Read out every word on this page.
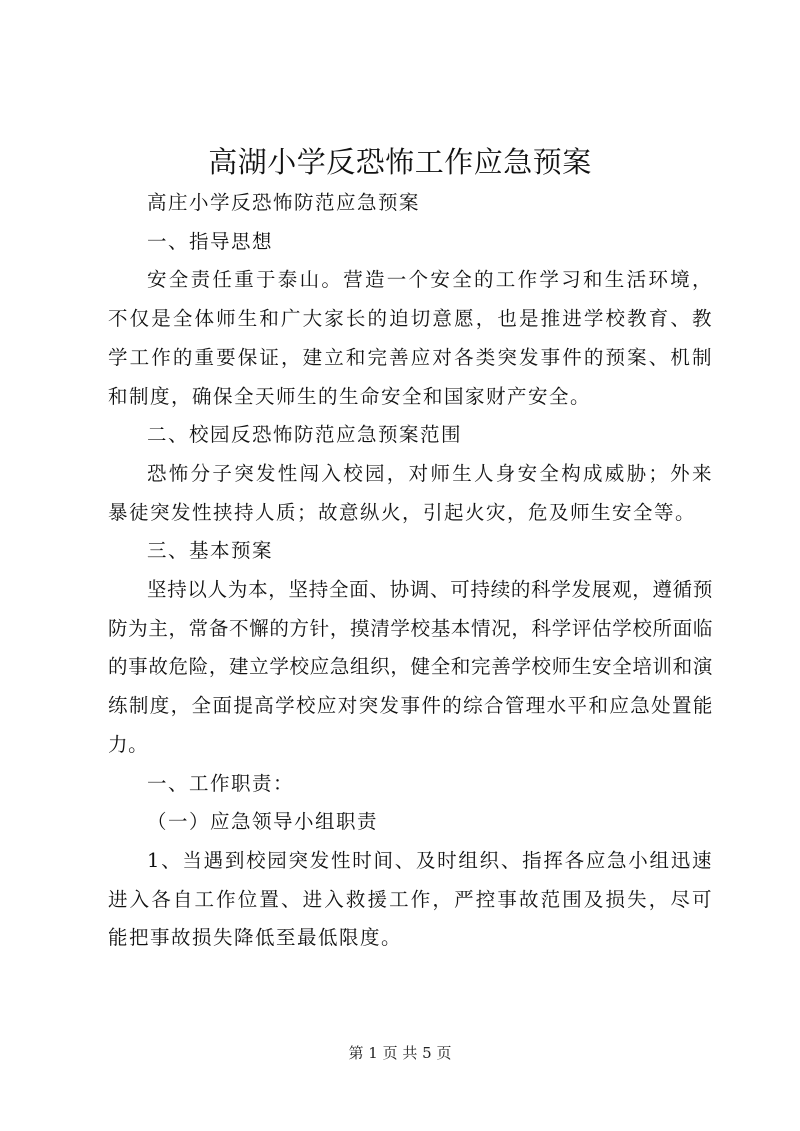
高湖小学反恐怖工作应急预案

高庄小学反恐怖防范应急预案

一、指导思想

安全责任重于泰山。营造一个安全的工作学习和生活环境，不仅是全体师生和广大家长的迫切意愿，也是推进学校教育、教学工作的重要保证，建立和完善应对各类突发事件的预案、机制和制度，确保全天师生的生命安全和国家财产安全。

二、校园反恐怖防范应急预案范围

恐怖分子突发性闯入校园，对师生人身安全构成威胁；外来暴徒突发性挟持人质；故意纵火，引起火灾，危及师生安全等。

三、基本预案

坚持以人为本，坚持全面、协调、可持续的科学发展观，遵循预防为主，常备不懈的方针，摸清学校基本情况，科学评估学校所面临的事故危险，建立学校应急组织，健全和完善学校师生安全培训和演练制度，全面提高学校应对突发事件的综合管理水平和应急处置能力。

一、工作职责：

（一）应急领导小组职责

1、当遇到校园突发性时间、及时组织、指挥各应急小组迅速进入各自工作位置、进入救援工作，严控事故范围及损失，尽可能把事故损失降低至最低限度。

第 1 页 共 5 页
